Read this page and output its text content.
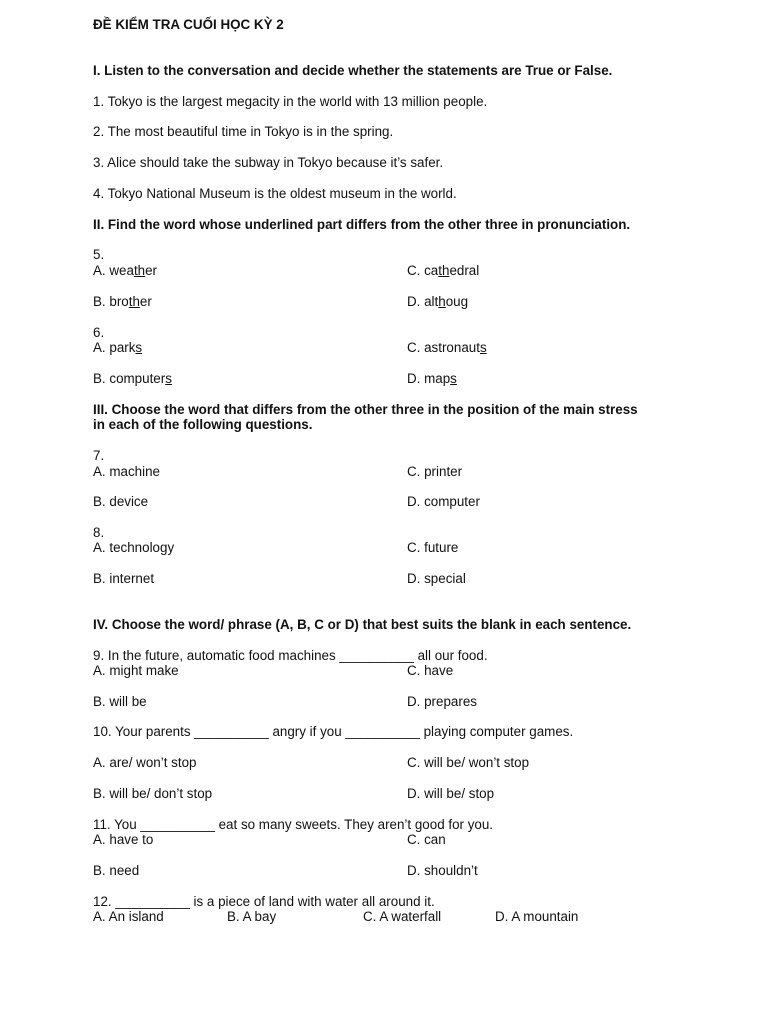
ĐỀ KIỂM TRA CUỐI HỌC KỲ 2
I. Listen to the conversation and decide whether the statements are True or False.
1. Tokyo is the largest megacity in the world with 13 million people.
2. The most beautiful time in Tokyo is in the spring.
3. Alice should take the subway in Tokyo because it’s safer.
4. Tokyo National Museum is the oldest museum in the world.
II. Find the word whose underlined part differs from the other three in pronunciation.
5.
A. weather	C. cathedral
B. brother	D. althoug
6.
A. parks	C. astronauts
B. computers	D. maps
III. Choose the word that differs from the other three in the position of the main stress
in each of the following questions.
7.
A. machine	C. printer
B. device	D. computer
8.
A. technology	C. future
B. internet	D. special
IV. Choose the word/ phrase (A, B, C or D) that best suits the blank in each sentence.
9. In the future, automatic food machines __________ all our food.
A. might make	C. have
B. will be	D. prepares
10. Your parents __________ angry if you __________ playing computer games.
A. are/ won’t stop	C. will be/ won’t stop
B. will be/ don’t stop	D. will be/ stop
11. You __________ eat so many sweets. They aren’t good for you.
A. have to	C. can
B. need	D. shouldn’t
12. __________ is a piece of land with water all around it.
A. An island	B. A bay	C. A waterfall	D. A mountain
